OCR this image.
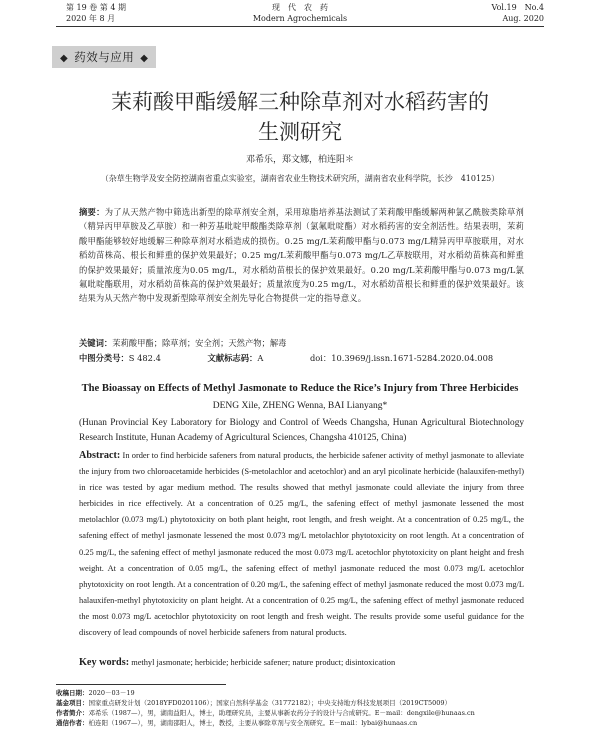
第 19 卷 第 4 期
2020 年 8 月
现　代　农　药
Modern Agrochemicals
Vol.19　No.4
Aug. 2020
◆ 药效与应用 ◆
茉莉酸甲酯缓解三种除草剂对水稻药害的
生测研究
邓希乐，郑文娜，柏连阳＊
（杂草生物学及安全防控湖南省重点实验室，湖南省农业生物技术研究所，湖南省农业科学院，长沙　410125）
摘要：为了从天然产物中筛选出新型的除草剂安全剂，采用琼脂培养基法测试了茉莉酸甲酯缓解两种氯乙酰胺类除草剂（精异丙甲草胺及乙草胺）和一种芳基吡啶甲酸酯类除草剂（氯氟吡啶酯）对水稻药害的安全剂活性。结果表明，茉莉酸甲酯能够较好地缓解三种除草剂对水稻造成的损伤。0.25 mg/L茉莉酸甲酯与0.073 mg/L精异丙甲草胺联用，对水稻幼苗株高、根长和鲜重的保护效果最好；0.25 mg/L茉莉酸甲酯与0.073 mg/L乙草胺联用，对水稻幼苗株高和鲜重的保护效果最好；质量浓度为0.05 mg/L，对水稻幼苗根长的保护效果最好。0.20 mg/L茉莉酸甲酯与0.073 mg/L氯氟吡啶酯联用，对水稻幼苗株高的保护效果最好；质量浓度为0.25 mg/L，对水稻幼苗根长和鲜重的保护效果最好。该结果为从天然产物中发现新型除草剂安全剂先导化合物提供一定的指导意义。
关键词：茉莉酸甲酯；除草剂；安全剂；天然产物；解毒
中图分类号：S 482.4	文献标志码：A	doi：10.3969/j.issn.1671-5284.2020.04.008
The Bioassay on Effects of Methyl Jasmonate to Reduce the Rice’s Injury from Three Herbicides
DENG Xile, ZHENG Wenna, BAI Lianyang*
(Hunan Provincial Key Laboratory for Biology and Control of Weeds Changsha, Hunan Agricultural Biotechnology Research Institute, Hunan Academy of Agricultural Sciences, Changsha 410125, China)
Abstract: In order to find herbicide safeners from natural products, the herbicide safener activity of methyl jasmonate to alleviate the injury from two chloroacetamide herbicides (S-metolachlor and acetochlor) and an aryl picolinate herbicide (halauxifen-methyl) in rice was tested by agar medium method. The results showed that methyl jasmonate could alleviate the injury from three herbicides in rice effectively. At a concentration of 0.25 mg/L, the safening effect of methyl jasmonate lessened the most metolachlor (0.073 mg/L) phytotoxicity on both plant height, root length, and fresh weight. At a concentration of 0.25 mg/L, the safening effect of methyl jasmonate lessened the most 0.073 mg/L metolachlor phytotoxicity on root length. At a concentration of 0.25 mg/L, the safening effect of methyl jasmonate reduced the most 0.073 mg/L acetochlor phytotoxicity on plant height and fresh weight. At a concentration of 0.05 mg/L, the safening effect of methyl jasmonate reduced the most 0.073 mg/L acetochlor phytotoxicity on root length. At a concentration of 0.20 mg/L, the safening effect of methyl jasmonate reduced the most 0.073 mg/L halauxifen-methyl phytotoxicity on plant height. At a concentration of 0.25 mg/L, the safening effect of methyl jasmonate reduced the most 0.073 mg/L acetochlor phytotoxicity on root length and fresh weight. The results provide some useful guidance for the discovery of lead compounds of novel herbicide safeners from natural products.
Key words: methyl jasmonate; herbicide; herbicide safener; nature product; disintoxication
收稿日期：2020－03－19
基金项目：国家重点研发计划（2018YFD0201106）；国家自然科学基金（31772182）；中央支持地方科技发展项目（2019CT5009）
作者简介：邓希乐（1987—），男，湖南益阳人，博士，助理研究员，主要从事新农药分子的设计与合成研究。E－mail：dengxile@hunaas.cn
通信作者：柏连阳（1967—），男，湖南邵阳人，博士，教授，主要从事除草剂与安全剂研究。E－mail：lybai@hunaas.cn
